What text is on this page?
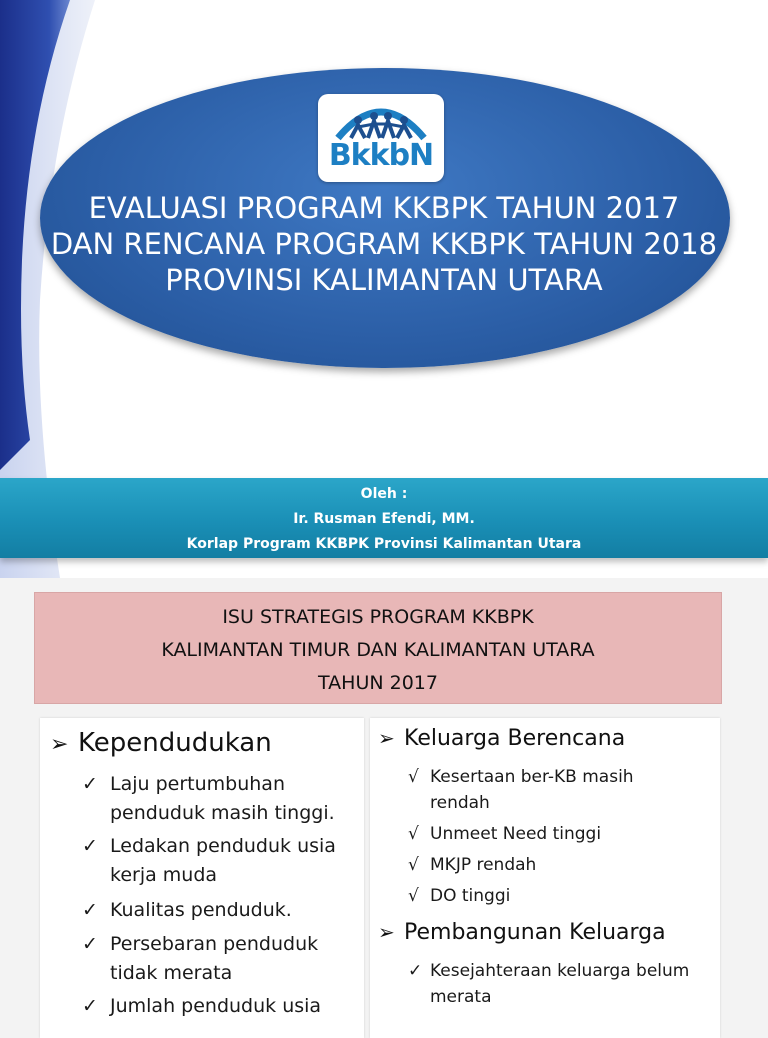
BkkbN
EVALUASI PROGRAM KKBPK TAHUN 2017
DAN RENCANA PROGRAM KKBPK TAHUN 2018
PROVINSI KALIMANTAN UTARA
Oleh :
Ir. Rusman Efendi, MM.
Korlap Program KKBPK Provinsi Kalimantan Utara
ISU STRATEGIS PROGRAM KKBPK
KALIMANTAN TIMUR DAN KALIMANTAN UTARA
TAHUN 2017
➢ Kependudukan
✓ Laju pertumbuhan
penduduk masih tinggi.
✓ Ledakan penduduk usia
kerja muda
✓ Kualitas penduduk.
✓ Persebaran penduduk
tidak merata
✓ Jumlah penduduk usia
➢ Keluarga Berencana
√ Kesertaan ber-KB masih
rendah
√ Unmeet Need tinggi
√ MKJP rendah
√ DO tinggi
➢ Pembangunan Keluarga
✓ Kesejahteraan keluarga belum
merata
